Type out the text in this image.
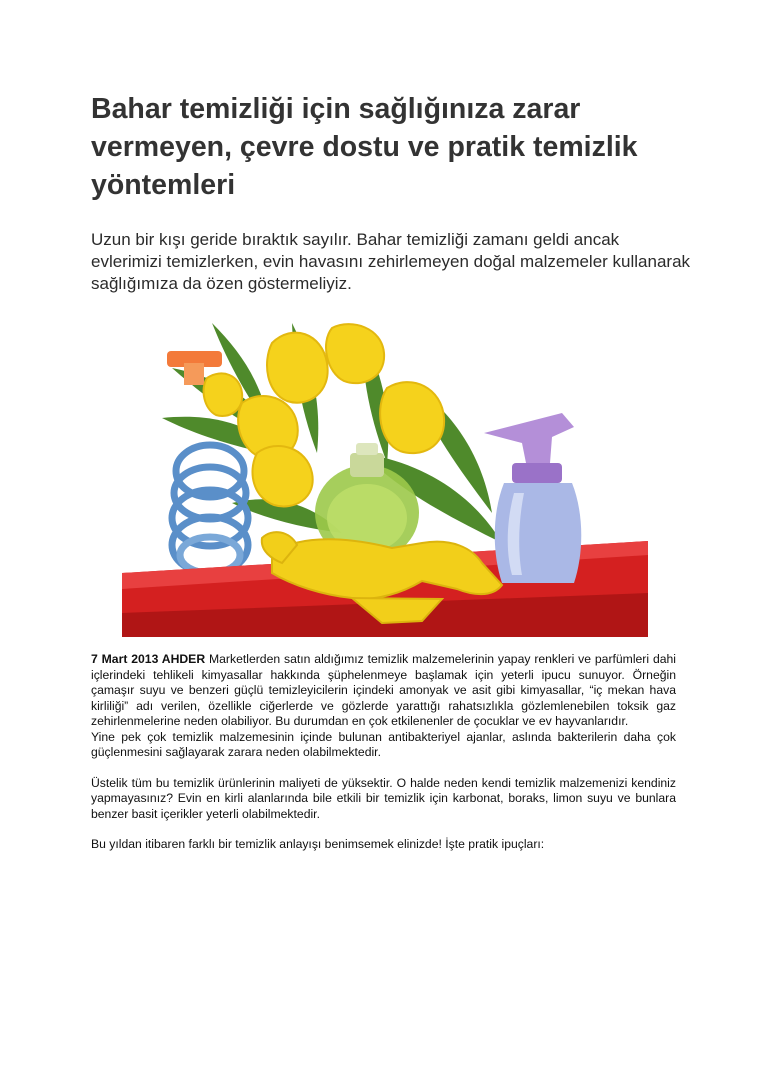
Bahar temizliği için sağlığınıza zarar vermeyen, çevre dostu ve pratik temizlik yöntemleri

Uzun bir kışı geride bıraktık sayılır. Bahar temizliği zamanı geldi ancak evlerimizi temizlerken, evin havasını zehirlemeyen doğal malzemeler kullanarak sağlığımıza da özen göstermeliyiz.

7 Mart 2013 AHDER Marketlerden satın aldığımız temizlik malzemelerinin yapay renkleri ve parfümleri dahi içlerindeki tehlikeli kimyasallar hakkında şüphelenmeye başlamak için yeterli ipucu sunuyor. Örneğin çamaşır suyu ve benzeri güçlü temizleyicilerin içindeki amonyak ve asit gibi kimyasallar, “iç mekan hava kirliliği” adı verilen, özellikle ciğerlerde ve gözlerde yarattığı rahatsızlıkla gözlemlenebilen toksik gaz zehirlenmelerine neden olabiliyor. Bu durumdan en çok etkilenenler de çocuklar ve ev hayvanlarıdır.

Yine pek çok temizlik malzemesinin içinde bulunan antibakteriyel ajanlar, aslında bakterilerin daha çok güçlenmesini sağlayarak zarara neden olabilmektedir.

Üstelik tüm bu temizlik ürünlerinin maliyeti de yüksektir. O halde neden kendi temizlik malzemenizi kendiniz yapmayasınız? Evin en kirli alanlarında bile etkili bir temizlik için karbonat, boraks, limon suyu ve bunlara benzer basit içerikler yeterli olabilmektedir.

Bu yıldan itibaren farklı bir temizlik anlayışı benimsemek elinizde! İşte pratik ipuçları:
